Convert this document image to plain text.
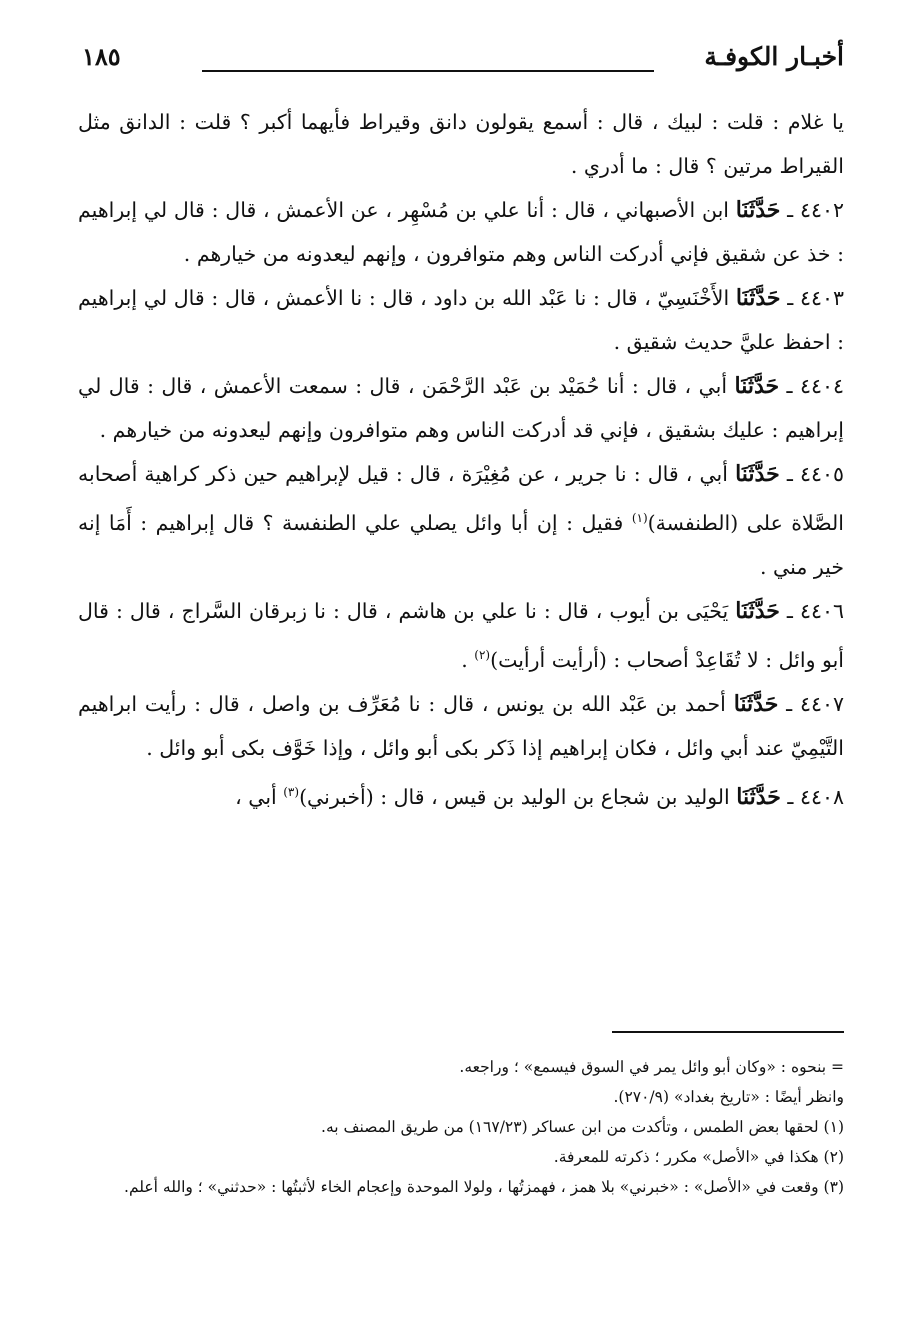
أخبـار الكوفـة
١٨٥

يا غلام : قلت : لبيك ، قال : أسمع يقولون دانق وقيراط فأيهما أكبر ؟ قلت : الدانق مثل القيراط مرتين ؟ قال : ما أدري .

٤٤٠٢ ـ حَدَّثَنَا ابن الأصبهاني ، قال : أنا علي بن مُسْهِر ، عن الأعمش ، قال : قال لي إبراهيم : خذ عن شقيق فإني أدركت الناس وهم متوافرون ، وإنهم ليعدونه من خيارهم .

٤٤٠٣ ـ حَدَّثَنَا الأَخْنَسِيّ ، قال : نا عَبْد الله بن داود ، قال : نا الأعمش ، قال : قال لي إبراهيم : احفظ عليَّ حديث شقيق .

٤٤٠٤ ـ حَدَّثَنَا أبي ، قال : أنا حُمَيْد بن عَبْد الرَّحْمَن ، قال : سمعت الأعمش ، قال : قال لي إبراهيم : عليك بشقيق ، فإني قد أدركت الناس وهم متوافرون وإنهم ليعدونه من خيارهم .

٤٤٠٥ ـ حَدَّثَنَا أبي ، قال : نا جرير ، عن مُغِيْرَة ، قال : قيل لإبراهيم حين ذكر كراهية أصحابه الصَّلاة على (الطنفسة)$^{(١)}$ فقيل : إن أبا وائل يصلي علي الطنفسة ؟ قال إبراهيم : أَمَا إنه خير مني .

٤٤٠٦ ـ حَدَّثَنَا يَحْيَى بن أيوب ، قال : نا علي بن هاشم ، قال : نا زبرقان السَّراج ، قال : قال أبو وائل : لا تُقَاعِدْ أصحاب : (أرأيت أرأيت)$^{(٢)}$ .

٤٤٠٧ ـ حَدَّثَنَا أحمد بن عَبْد الله بن يونس ، قال : نا مُعَرِّف بن واصل ، قال : رأيت ابراهيم التَّيْمِيّ عند أبي وائل ، فكان إبراهيم إذا ذَكر بكى أبو وائل ، وإذا خَوَّف بكى أبو وائل .

٤٤٠٨ ـ حَدَّثَنَا الوليد بن شجاع بن الوليد بن قيس ، قال : (أخبرني)$^{(٣)}$ أبي ،

= بنحوه : «وكان أبو وائل يمر في السوق فيسمع» ؛ وراجعه.

وانظر أيضًا : «تاريخ بغداد» (٢٧٠/٩).

(١) لحقها بعض الطمس ، وتأكدت من ابن عساكر (١٦٧/٢٣) من طريق المصنف به.

(٢) هكذا في «الأصل» مكرر ؛ ذكرته للمعرفة.

(٣) وقعت في «الأصل» : «خبرني» بلا همز ، فهمزتُها ، ولولا الموحدة وإعجام الخاء لأثبتُها : «حدثني» ؛ والله أعلم.
